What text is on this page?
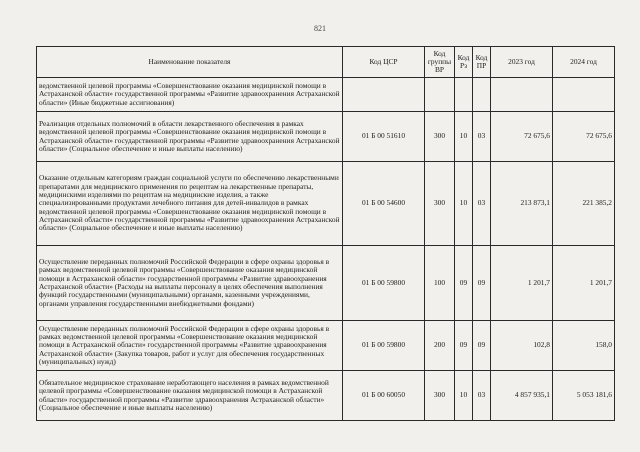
821
Наименование показателя	Код ЦСР	Код группы ВР	Код Рз	Код ПР	2023 год	2024 год
ведомственной целевой программы «Совершенствование оказания медицинской помощи в Астраханской области» государственной программы «Развитие здравоохранения Астраханской области» (Иные бюджетные ассигнования)						
Реализация отдельных полномочий в области лекарственного обеспечения в рамках ведомственной целевой программы «Совершенствование оказания медицинской помощи в Астраханской области» государственной программы «Развитие здравоохранения Астраханской области» (Социальное обеспечение и иные выплаты населению)	01 Б 00 51610	300	10	03	72 675,6	72 675,6
Оказание отдельным категориям граждан социальной услуги по обеспечению лекарственными препаратами для медицинского применения по рецептам на лекарственные препараты, медицинскими изделиями по рецептам на медицинские изделия, а также специализированными продуктами лечебного питания для детей-инвалидов в рамках ведомственной целевой программы «Совершенствование оказания медицинской помощи в Астраханской области» государственной программы «Развитие здравоохранения Астраханской области» (Социальное обеспечение и иные выплаты населению)	01 Б 00 54600	300	10	03	213 873,1	221 385,2
Осуществление переданных полномочий Российской Федерации в сфере охраны здоровья в рамках ведомственной целевой программы «Совершенствование оказания медицинской помощи в Астраханской области» государственной программы «Развитие здравоохранения Астраханской области» (Расходы на выплаты персоналу в целях обеспечения выполнения функций государственными (муниципальными) органами, казенными учреждениями, органами управления государственными внебюджетными фондами)	01 Б 00 59800	100	09	09	1 201,7	1 201,7
Осуществление переданных полномочий Российской Федерации в сфере охраны здоровья в рамках ведомственной целевой программы «Совершенствование оказания медицинской помощи в Астраханской области» государственной программы «Развитие здравоохранения Астраханской области» (Закупка товаров, работ и услуг для обеспечения государственных (муниципальных) нужд)	01 Б 00 59800	200	09	09	102,8	158,0
Обязательное медицинское страхование неработающего населения в рамках ведомственной целевой программы «Совершенствование оказания медицинской помощи в Астраханской области» государственной программы «Развитие здравоохранения Астраханской области» (Социальное обеспечение и иные выплаты населению)	01 Б 00 60050	300	10	03	4 857 935,1	5 053 181,6
